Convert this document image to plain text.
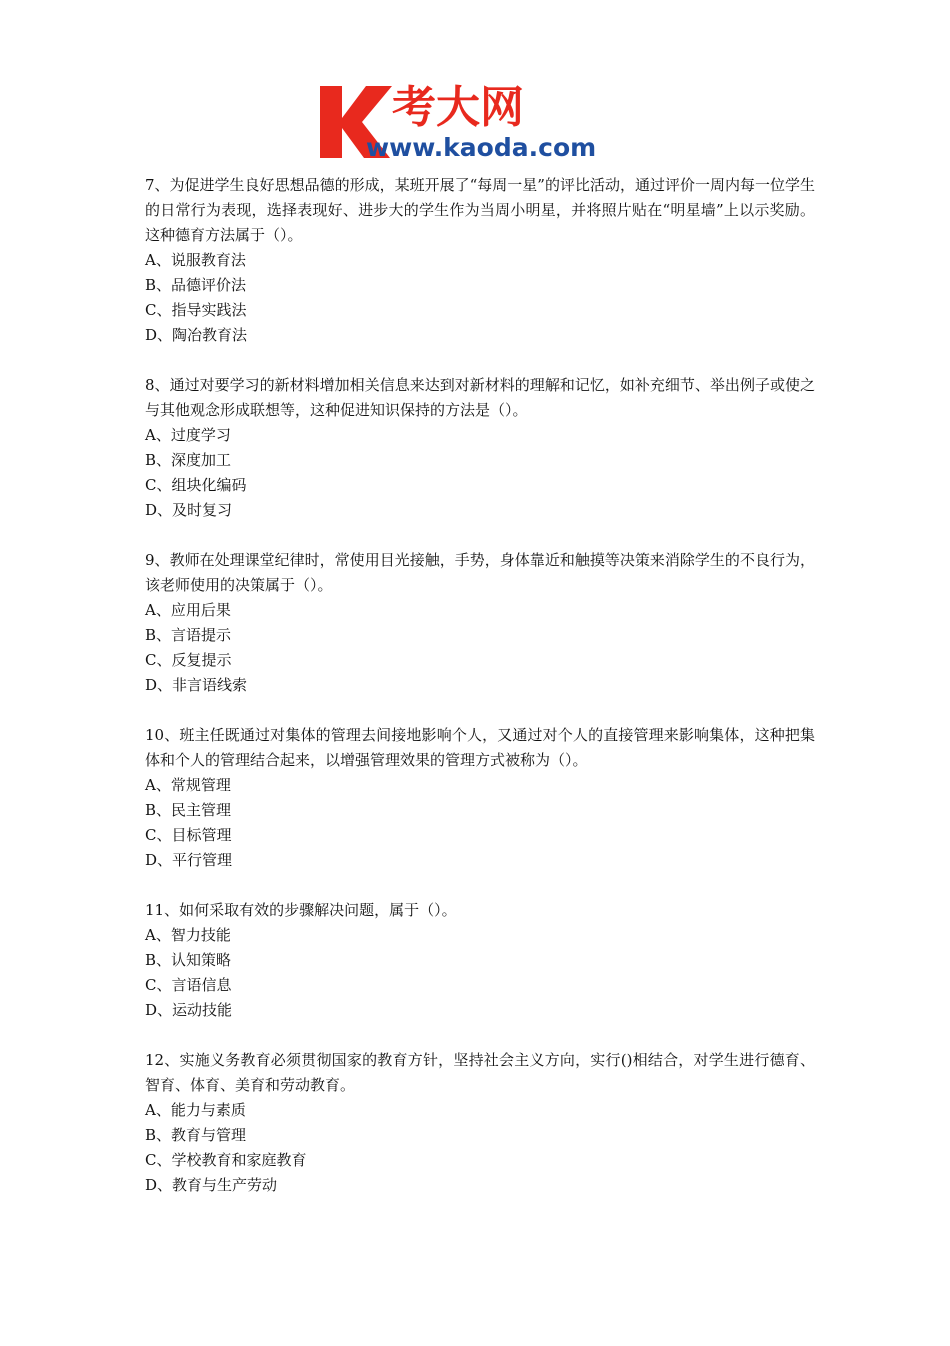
考大网
www.kaoda.com

7、为促进学生良好思想品德的形成，某班开展了“每周一星”的评比活动，通过评价一周内每一位学生的日常行为表现，选择表现好、进步大的学生作为当周小明星，并将照片贴在“明星墙”上以示奖励。这种德育方法属于（）。

A、说服教育法

B、品德评价法

C、指导实践法

D、陶冶教育法

8、通过对要学习的新材料增加相关信息来达到对新材料的理解和记忆，如补充细节、举出例子或使之与其他观念形成联想等，这种促进知识保持的方法是（）。

A、过度学习

B、深度加工

C、组块化编码

D、及时复习

9、教师在处理课堂纪律时，常使用目光接触，手势，身体靠近和触摸等决策来消除学生的不良行为，该老师使用的决策属于（）。

A、应用后果

B、言语提示

C、反复提示

D、非言语线索

10、班主任既通过对集体的管理去间接地影响个人，又通过对个人的直接管理来影响集体，这种把集体和个人的管理结合起来，以增强管理效果的管理方式被称为（）。

A、常规管理

B、民主管理

C、目标管理

D、平行管理

11、如何采取有效的步骤解决问题，属于（）。

A、智力技能

B、认知策略

C、言语信息

D、运动技能

12、实施义务教育必须贯彻国家的教育方针，坚持社会主义方向，实行()相结合，对学生进行德育、智育、体育、美育和劳动教育。

A、能力与素质

B、教育与管理

C、学校教育和家庭教育

D、教育与生产劳动
